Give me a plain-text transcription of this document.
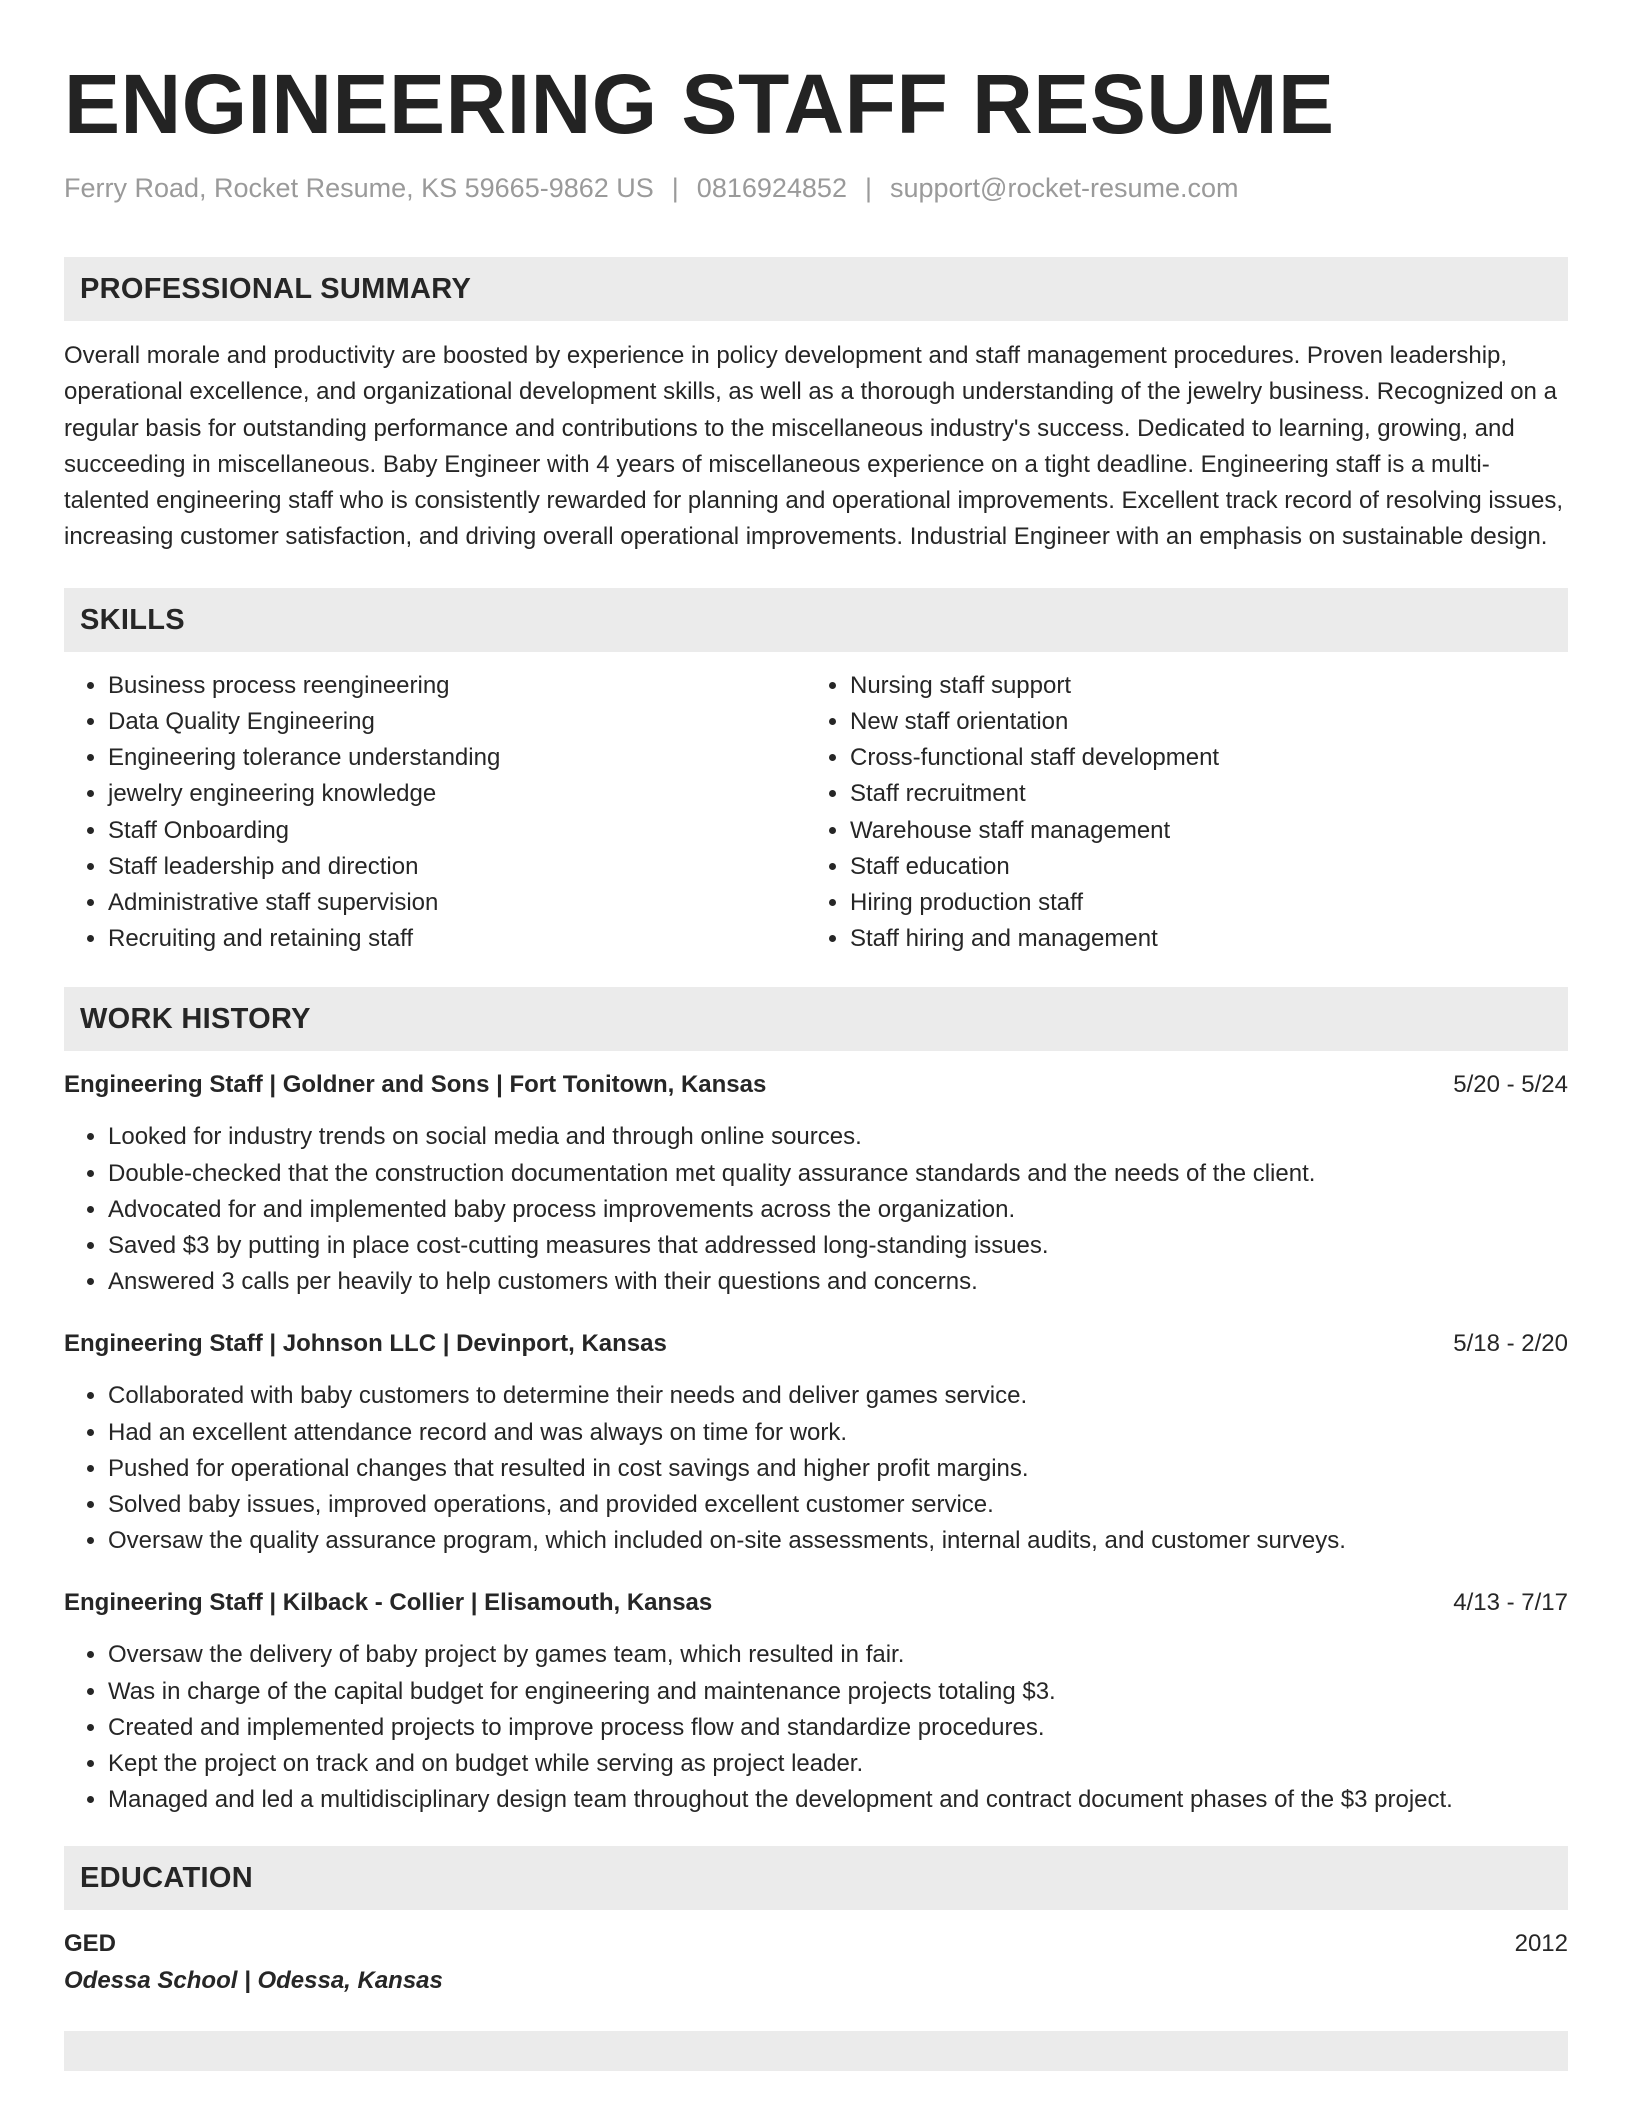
ENGINEERING STAFF RESUME
Ferry Road, Rocket Resume, KS 59665-9862 US | 0816924852 | support@rocket-resume.com
PROFESSIONAL SUMMARY

Overall morale and productivity are boosted by experience in policy development and staff management procedures. Proven leadership, operational excellence, and organizational development skills, as well as a thorough understanding of the jewelry business. Recognized on a regular basis for outstanding performance and contributions to the miscellaneous industry's success. Dedicated to learning, growing, and succeeding in miscellaneous. Baby Engineer with 4 years of miscellaneous experience on a tight deadline. Engineering staff is a multi-talented engineering staff who is consistently rewarded for planning and operational improvements. Excellent track record of resolving issues, increasing customer satisfaction, and driving overall operational improvements. Industrial Engineer with an emphasis on sustainable design.

SKILLS
• Business process reengineering
• Data Quality Engineering
• Engineering tolerance understanding
• jewelry engineering knowledge
• Staff Onboarding
• Staff leadership and direction
• Administrative staff supervision
• Recruiting and retaining staff
• Nursing staff support
• New staff orientation
• Cross-functional staff development
• Staff recruitment
• Warehouse staff management
• Staff education
• Hiring production staff
• Staff hiring and management
WORK HISTORY
Engineering Staff | Goldner and Sons | Fort Tonitown, Kansas	5/20 - 5/24
• Looked for industry trends on social media and through online sources.
• Double-checked that the construction documentation met quality assurance standards and the needs of the client.
• Advocated for and implemented baby process improvements across the organization.
• Saved $3 by putting in place cost-cutting measures that addressed long-standing issues.
• Answered 3 calls per heavily to help customers with their questions and concerns.
Engineering Staff | Johnson LLC | Devinport, Kansas	5/18 - 2/20
• Collaborated with baby customers to determine their needs and deliver games service.
• Had an excellent attendance record and was always on time for work.
• Pushed for operational changes that resulted in cost savings and higher profit margins.
• Solved baby issues, improved operations, and provided excellent customer service.
• Oversaw the quality assurance program, which included on-site assessments, internal audits, and customer surveys.
Engineering Staff | Kilback - Collier | Elisamouth, Kansas	4/13 - 7/17
• Oversaw the delivery of baby project by games team, which resulted in fair.
• Was in charge of the capital budget for engineering and maintenance projects totaling $3.
• Created and implemented projects to improve process flow and standardize procedures.
• Kept the project on track and on budget while serving as project leader.
• Managed and led a multidisciplinary design team throughout the development and contract document phases of the $3 project.
EDUCATION
GED	2012
Odessa School | Odessa, Kansas
